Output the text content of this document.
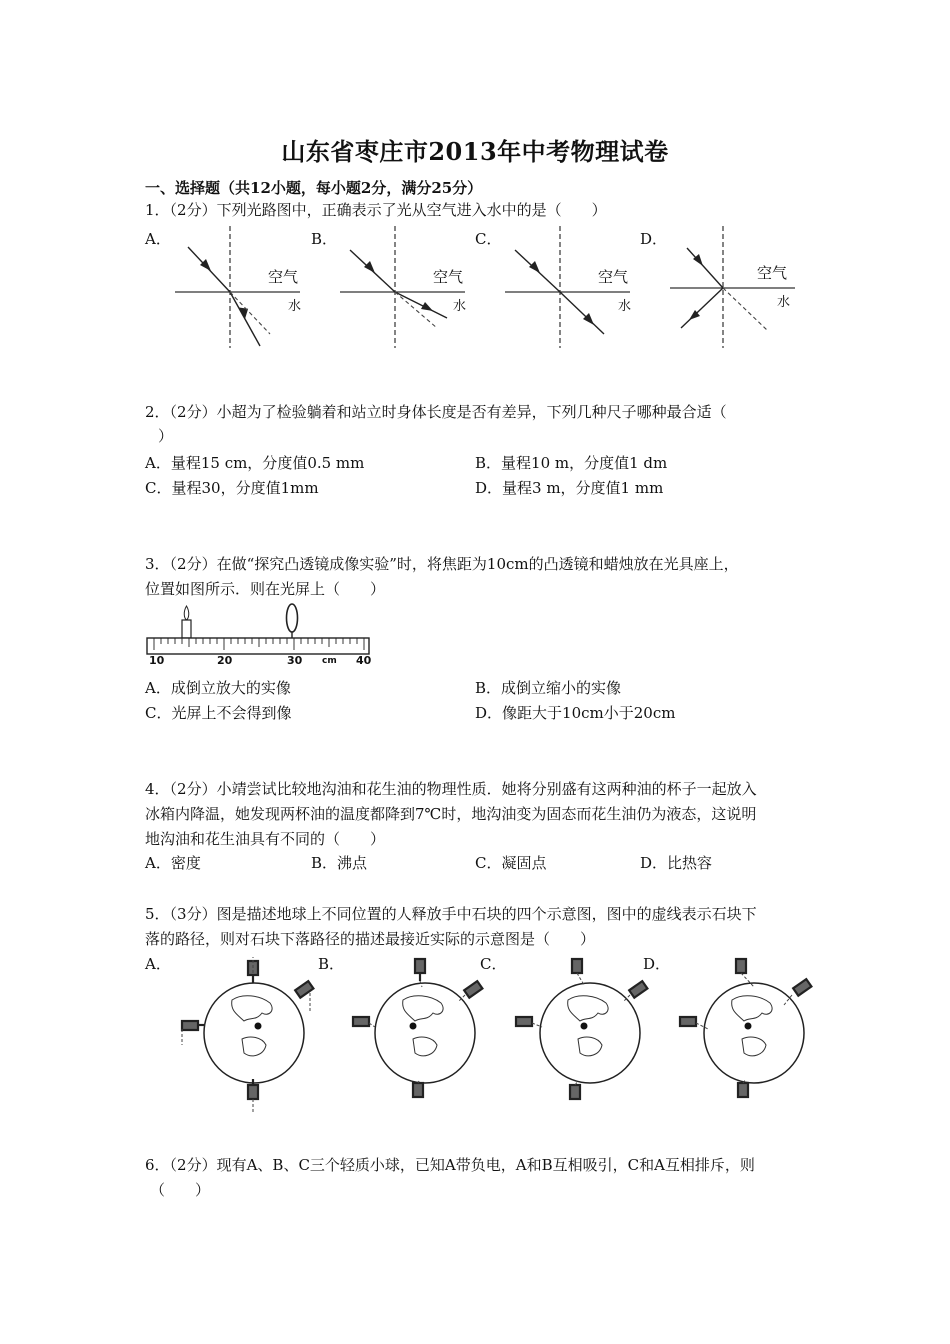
山东省枣庄市2013年中考物理试卷
一、选择题（共12小题，每小题2分，满分25分）
1．（2分）下列光路图中，正确表示了光从空气进入水中的是（　　）
A．	B．	C．	D．
空气
水
空气
水
空气
水
空气
水
2．（2分）小超为了检验躺着和站立时身体长度是否有差异，下列几种尺子哪种最合适（
）
A．量程15 cm，分度值0.5 mm	B．量程10 m，分度值1 dm
C．量程30，分度值1mm	D．量程3 m，分度值1 mm
3．（2分）在做“探究凸透镜成像实验”时，将焦距为10cm的凸透镜和蜡烛放在光具座上，
位置如图所示．则在光屏上（　　）
10	20	30 cm 40
A．成倒立放大的实像	B．成倒立缩小的实像
C．光屏上不会得到像	D．像距大于10cm小于20cm
4．（2分）小靖尝试比较地沟油和花生油的物理性质．她将分别盛有这两种油的杯子一起放入
冰箱内降温，她发现两杯油的温度都降到7℃时，地沟油变为固态而花生油仍为液态，这说明
地沟油和花生油具有不同的（　　）
A．密度	B．沸点	C．凝固点	D．比热容
5．（3分）图是描述地球上不同位置的人释放手中石块的四个示意图，图中的虚线表示石块下
落的路径，则对石块下落路径的描述最接近实际的示意图是（　　）
A．	B．	C．	D．
6．（2分）现有A、B、C三个轻质小球，已知A带负电，A和B互相吸引，C和A互相排斥，则
（　　）
